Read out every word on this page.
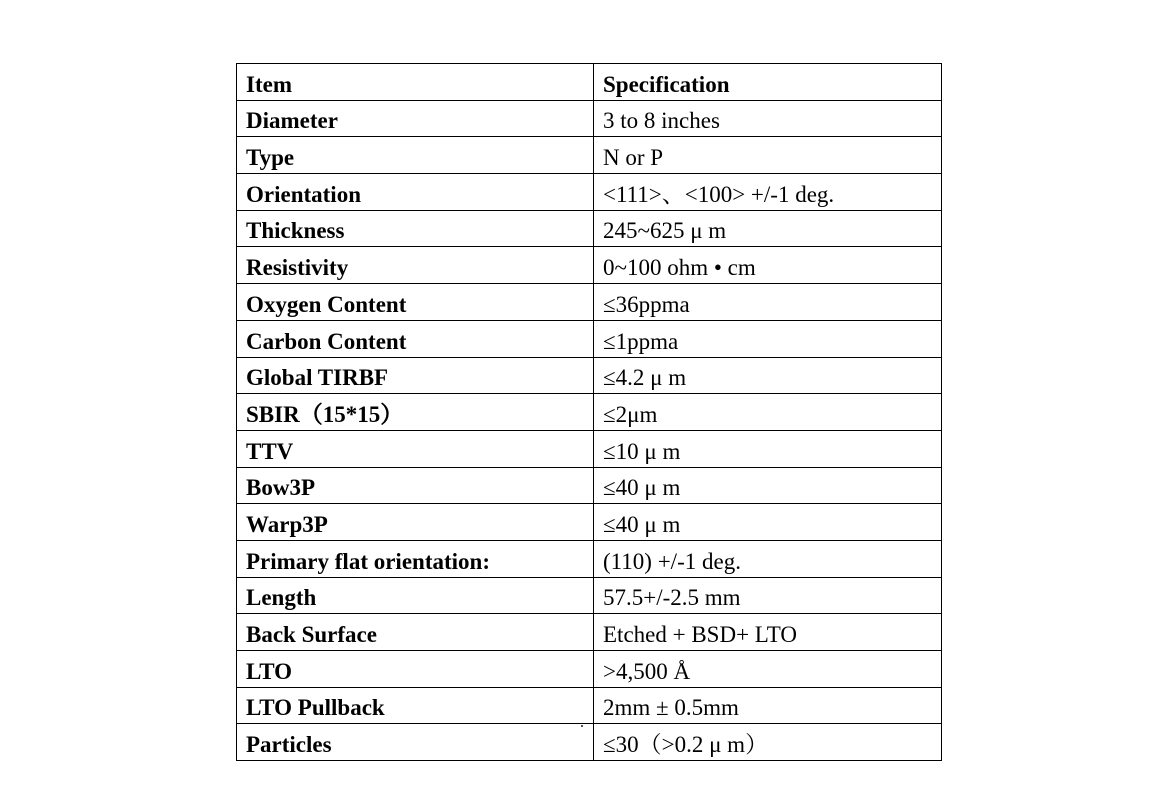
Item	Specification
Diameter	3 to 8 inches
Type	N or P
Orientation	<111>、<100> +/-1 deg.
Thickness	245~625 μ m
Resistivity	0~100 ohm • cm
Oxygen Content	≤36ppma
Carbon Content	≤1ppma
Global TIRBF	≤4.2 μ m
SBIR（15*15）	≤2μm
TTV	≤10 μ m
Bow3P	≤40 μ m
Warp3P	≤40 μ m
Primary flat orientation:	(110) +/-1 deg.
Length	57.5+/-2.5 mm
Back Surface	Etched + BSD+ LTO
LTO	>4,500 Å
LTO Pullback	2mm ± 0.5mm
Particles	≤30（>0.2 μ m）
